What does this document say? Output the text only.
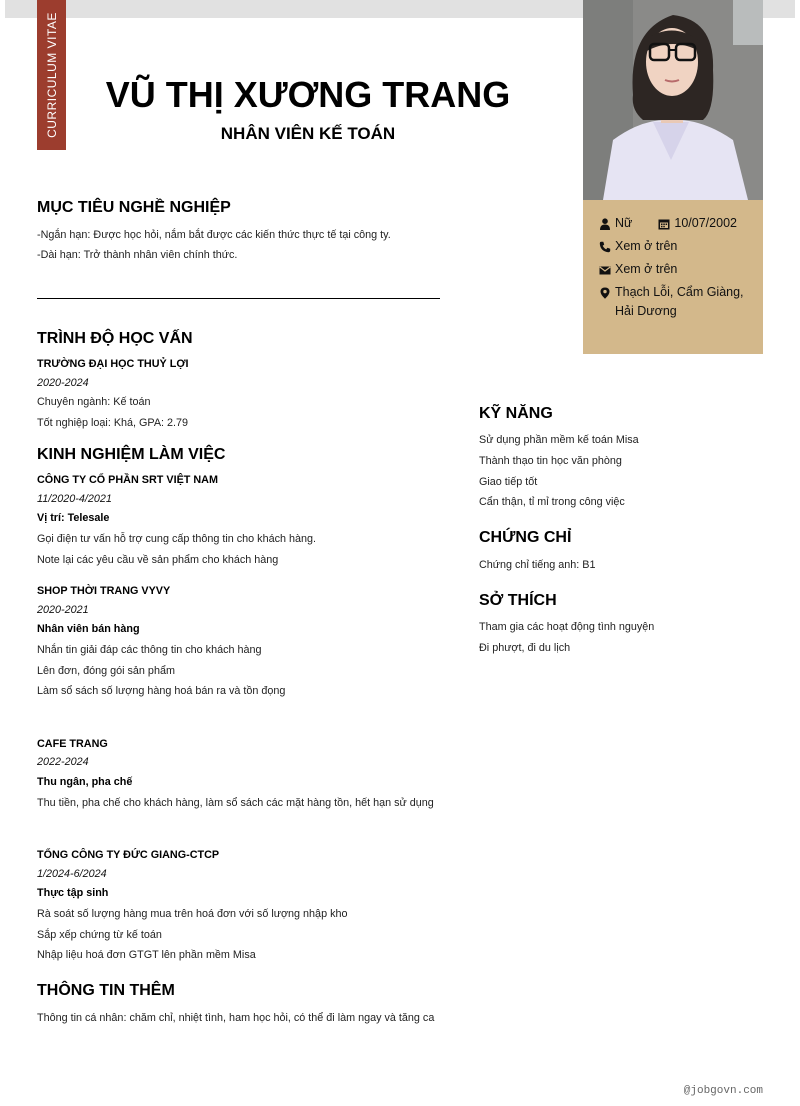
CURRICULUM VITAE	VŨ THỊ XƯƠNG TRANG
NHÂN VIÊN KẾ TOÁN
Nữ	10/07/2002
Xem ở trên
Xem ở trên
Thạch Lỗi, Cẩm Giàng, Hải Dương
MỤC TIÊU NGHỀ NGHIỆP
-Ngắn hạn: Được học hỏi, nắm bắt được các kiến thức thực tế tại công ty.
-Dài hạn: Trở thành nhân viên chính thức.
TRÌNH ĐỘ HỌC VẤN
TRƯỜNG ĐẠI HỌC THUỶ LỢI
2020-2024
Chuyên ngành: Kế toán
Tốt nghiệp loại: Khá, GPA: 2.79
KINH NGHIỆM LÀM VIỆC
CÔNG TY CỔ PHẦN SRT VIỆT NAM
11/2020-4/2021
Vị trí: Telesale
Gọi điện tư vấn hỗ trợ cung cấp thông tin cho khách hàng.
Note lại các yêu cầu về sản phẩm cho khách hàng
SHOP THỜI TRANG VYVY
2020-2021
Nhân viên bán hàng
Nhắn tin giải đáp các thông tin cho khách hàng
Lên đơn, đóng gói sản phẩm
Làm sổ sách số lượng hàng hoá bán ra và tồn đọng
CAFE TRANG
2022-2024
Thu ngân, pha chế
Thu tiền, pha chế cho khách hàng, làm sổ sách các mặt hàng tồn, hết hạn sử dụng
TỔNG CÔNG TY ĐỨC GIANG-CTCP
1/2024-6/2024
Thực tập sinh
Rà soát số lượng hàng mua trên hoá đơn với số lượng nhập kho
Sắp xếp chứng từ kế toán
Nhập liệu hoá đơn GTGT lên phần mềm Misa
THÔNG TIN THÊM
Thông tin cá nhân: chăm chỉ, nhiệt tình, ham học hỏi, có thể đi làm ngay và tăng ca
KỸ NĂNG
Sử dụng phần mềm kế toán Misa
Thành thạo tin học văn phòng
Giao tiếp tốt
Cẩn thận, tỉ mỉ trong công việc
CHỨNG CHỈ
Chứng chỉ tiếng anh: B1
SỞ THÍCH
Tham gia các hoạt động tình nguyện
Đi phượt, đi du lịch
@jobgovn.com
